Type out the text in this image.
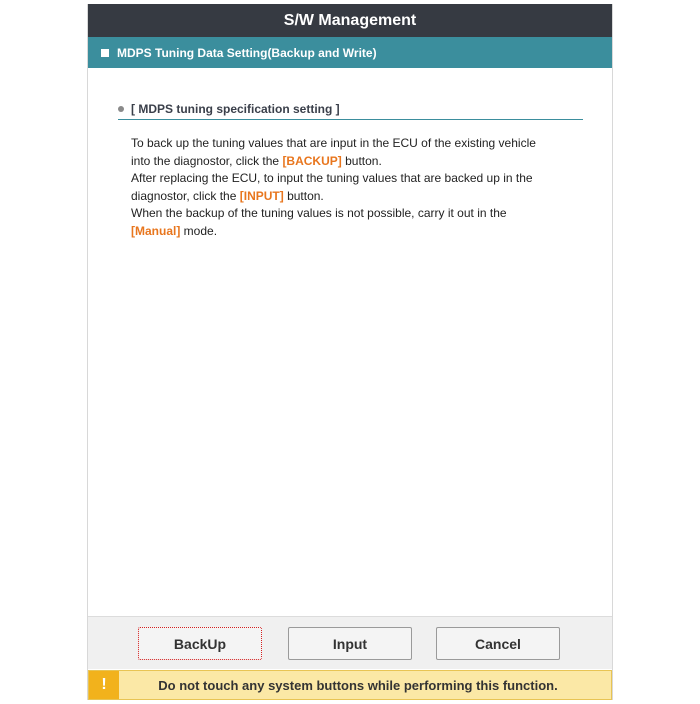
S/W Management
MDPS Tuning Data Setting(Backup and Write)
[ MDPS tuning specification setting ]

To back up the tuning values that are input in the ECU of the existing vehicle

into the diagnostor, click the [BACKUP] button.

After replacing the ECU, to input the tuning values that are backed up in the

diagnostor, click the [INPUT] button.

When the backup of the tuning values is not possible, carry it out in the

[Manual] mode.

BackUp	Input	Cancel
!	Do not touch any system buttons while performing this function.
